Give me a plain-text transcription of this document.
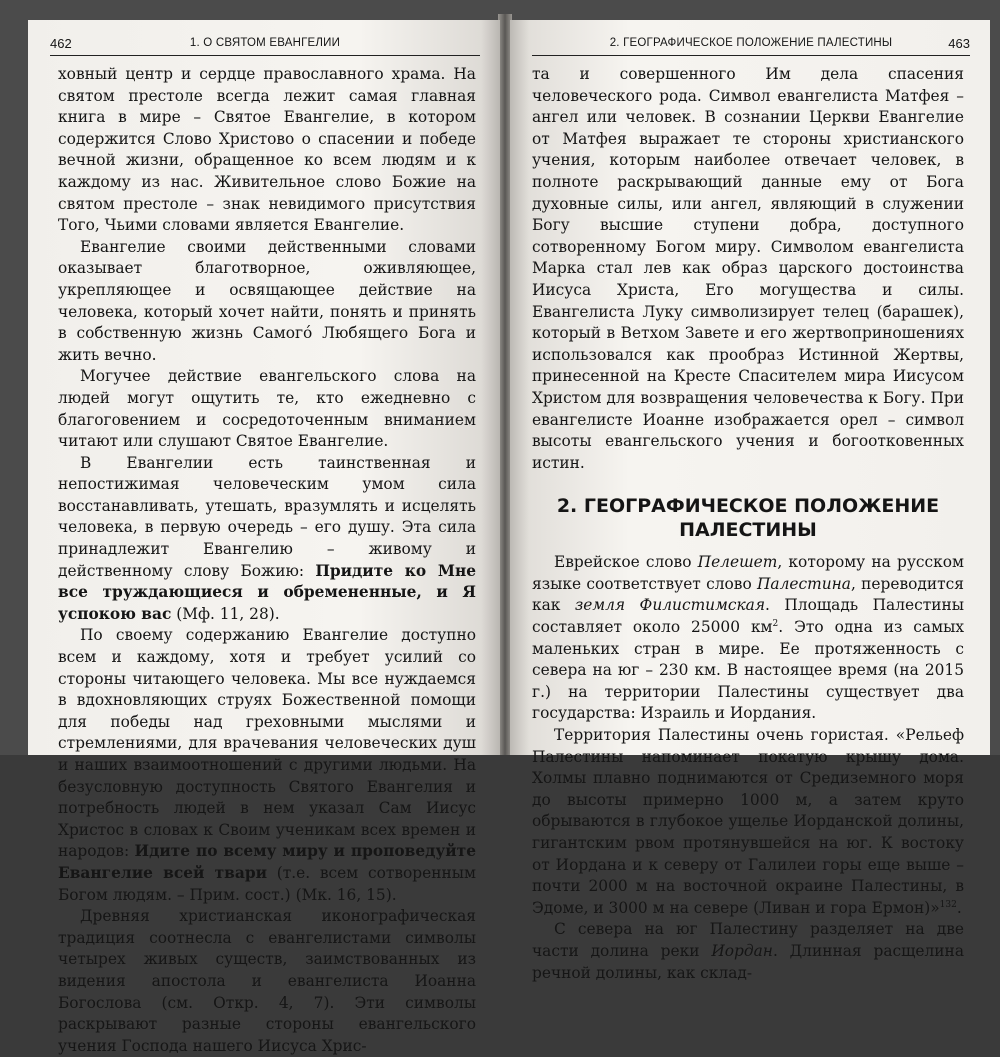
462	1. О СВЯТОМ ЕВАНГЕЛИИ

ховный центр и сердце православного храма. На святом престоле всегда лежит самая главная книга в мире – Святое Евангелие, в котором содержится Слово Христово о спасении и победе вечной жизни, обращенное ко всем людям и к каждому из нас. Живительное слово Божие на святом престоле – знак невидимого присутствия Того, Чьими словами является Евангелие.

Евангелие своими действенными словами оказывает благотворное, оживляющее, укрепляющее и освящающее действие на человека, который хочет найти, понять и принять в собственную жизнь Самого́ Любящего Бога и жить вечно.

Могучее действие евангельского слова на людей могут ощутить те, кто ежедневно с благоговением и сосредоточенным вниманием читают или слушают Святое Евангелие.

В Евангелии есть таинственная и непостижимая человеческим умом сила восстанавливать, утешать, вразумлять и исцелять человека, в первую очередь – его душу. Эта сила принадлежит Евангелию – живому и действенному слову Божию: Придите ко Мне все труждающиеся и обремененные, и Я успокою вас (Мф. 11, 28).

По своему содержанию Евангелие доступно всем и каждому, хотя и требует усилий со стороны читающего человека. Мы все нуждаемся в вдохновляющих струях Божественной помощи для победы над греховными мыслями и стремлениями, для врачевания человеческих душ и наших взаимоотношений с другими людьми. На безусловную доступность Святого Евангелия и потребность людей в нем указал Сам Иисус Христос в словах к Своим ученикам всех времен и народов: Идите по всему миру и проповедуйте Евангелие всей твари (т.е. всем сотворенным Богом людям. – Прим. сост.) (Мк. 16, 15).

Древняя христианская иконографическая традиция соотнесла с евангелистами символы четырех живых существ, заимствованных из видения апостола и евангелиста Иоанна Богослова (см. Откр. 4, 7). Эти символы раскрывают разные стороны евангельского учения Господа нашего Иисуса Хрис-

2. ГЕОГРАФИЧЕСКОЕ ПОЛОЖЕНИЕ ПАЛЕСТИНЫ	463

та и совершенного Им дела спасения человеческого рода. Символ евангелиста Матфея – ангел или человек. В сознании Церкви Евангелие от Матфея выражает те стороны христианского учения, которым наиболее отвечает человек, в полноте раскрывающий данные ему от Бога духовные силы, или ангел, являющий в служении Богу высшие ступени добра, доступного сотворенному Богом миру. Символом евангелиста Марка стал лев как образ царского достоинства Иисуса Христа, Его могущества и силы. Евангелиста Луку символизирует телец (барашек), который в Ветхом Завете и его жертвоприношениях использовался как прообраз Истинной Жертвы, принесенной на Кресте Спасителем мира Иисусом Христом для возвращения человечества к Богу. При евангелисте Иоанне изображается орел – символ высоты евангельского учения и богоотковенных истин.

2. ГЕОГРАФИЧЕСКОЕ ПОЛОЖЕНИЕ
ПАЛЕСТИНЫ

Еврейское слово Пелешет, которому на русском языке соответствует слово Палестина, переводится как земля Филистимская. Площадь Палестины составляет около 25000 $км^2$. Это одна из самых маленьких стран в мире. Ее протяженность с севера на юг – 230 км. В настоящее время (на 2015 г.) на территории Палестины существует два государства: Израиль и Иордания.

Территория Палестины очень гористая. «Рельеф Палестины напоминает покатую крышу дома. Холмы плавно поднимаются от Средиземного моря до высоты примерно 1000 м, а затем круто обрываются в глубокое ущелье Иорданской долины, гигантским рвом протянувшейся на юг. К востоку от Иордана и к северу от Галилеи горы еще выше – почти 2000 м на восточной окраине Палестины, в Эдоме, и 3000 м на севере (Ливан и гора Ермон)»$^{132}$.

С севера на юг Палестину разделяет на две части долина реки Иордан. Длинная расщелина речной долины, как склад-
